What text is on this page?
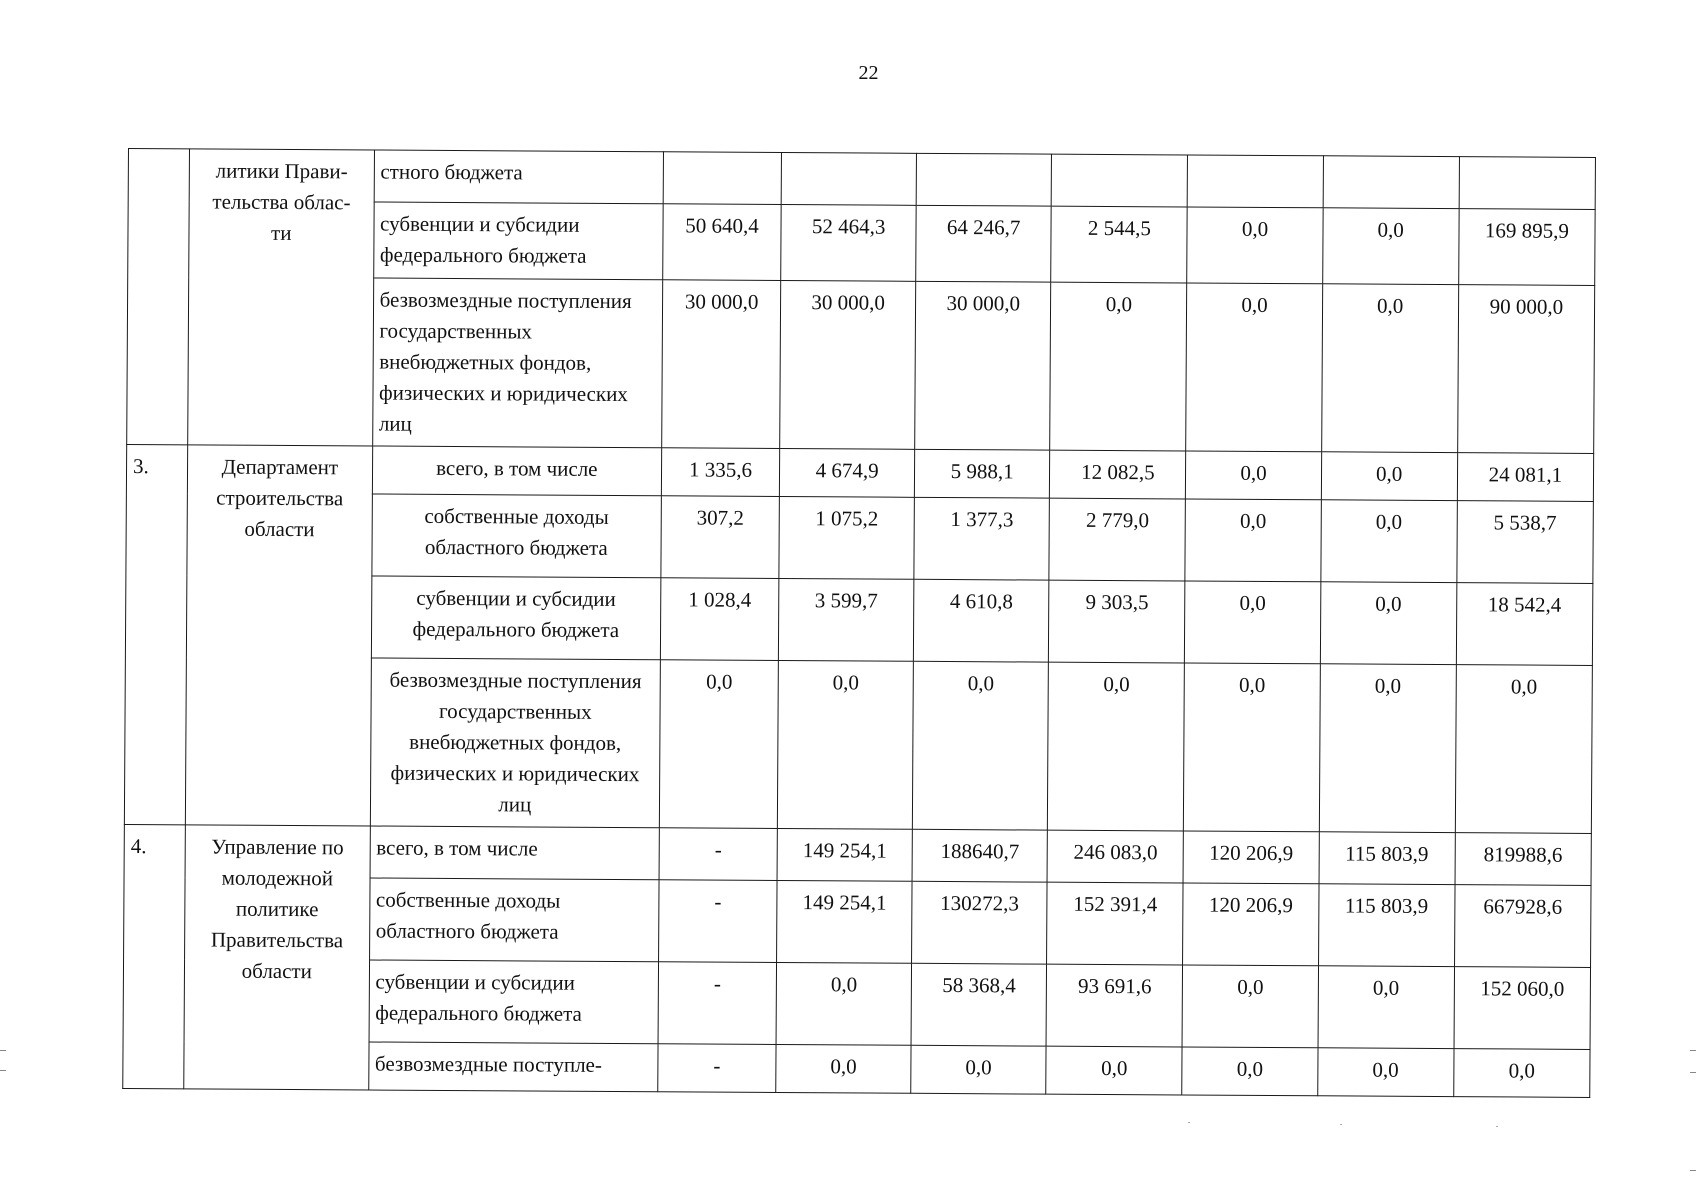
22

	литики Прави-тельства облас-ти	стного бюджета							
		субвенции и субсидии федерального бюджета	50 640,4	52 464,3	64 246,7	2 544,5	0,0	0,0	169 895,9
		безвозмездные поступления государственных внебюджетных фондов, физических и юридических лиц	30 000,0	30 000,0	30 000,0	0,0	0,0	0,0	90 000,0
3.	Департамент строительства области	всего, в том числе	1 335,6	4 674,9	5 988,1	12 082,5	0,0	0,0	24 081,1
		собственные доходы областного бюджета	307,2	1 075,2	1 377,3	2 779,0	0,0	0,0	5 538,7
		субвенции и субсидии федерального бюджета	1 028,4	3 599,7	4 610,8	9 303,5	0,0	0,0	18 542,4
		безвозмездные поступления государственных внебюджетных фондов, физических и юридических лиц	0,0	0,0	0,0	0,0	0,0	0,0	0,0
4.	Управление по молодежной политике Правительства области	всего, в том числе	-	149 254,1	188640,7	246 083,0	120 206,9	115 803,9	819988,6
		собственные доходы областного бюджета	-	149 254,1	130272,3	152 391,4	120 206,9	115 803,9	667928,6
		субвенции и субсидии федерального бюджета	-	0,0	58 368,4	93 691,6	0,0	0,0	152 060,0
		безвозмездные поступле-	-	0,0	0,0	0,0	0,0	0,0	0,0
